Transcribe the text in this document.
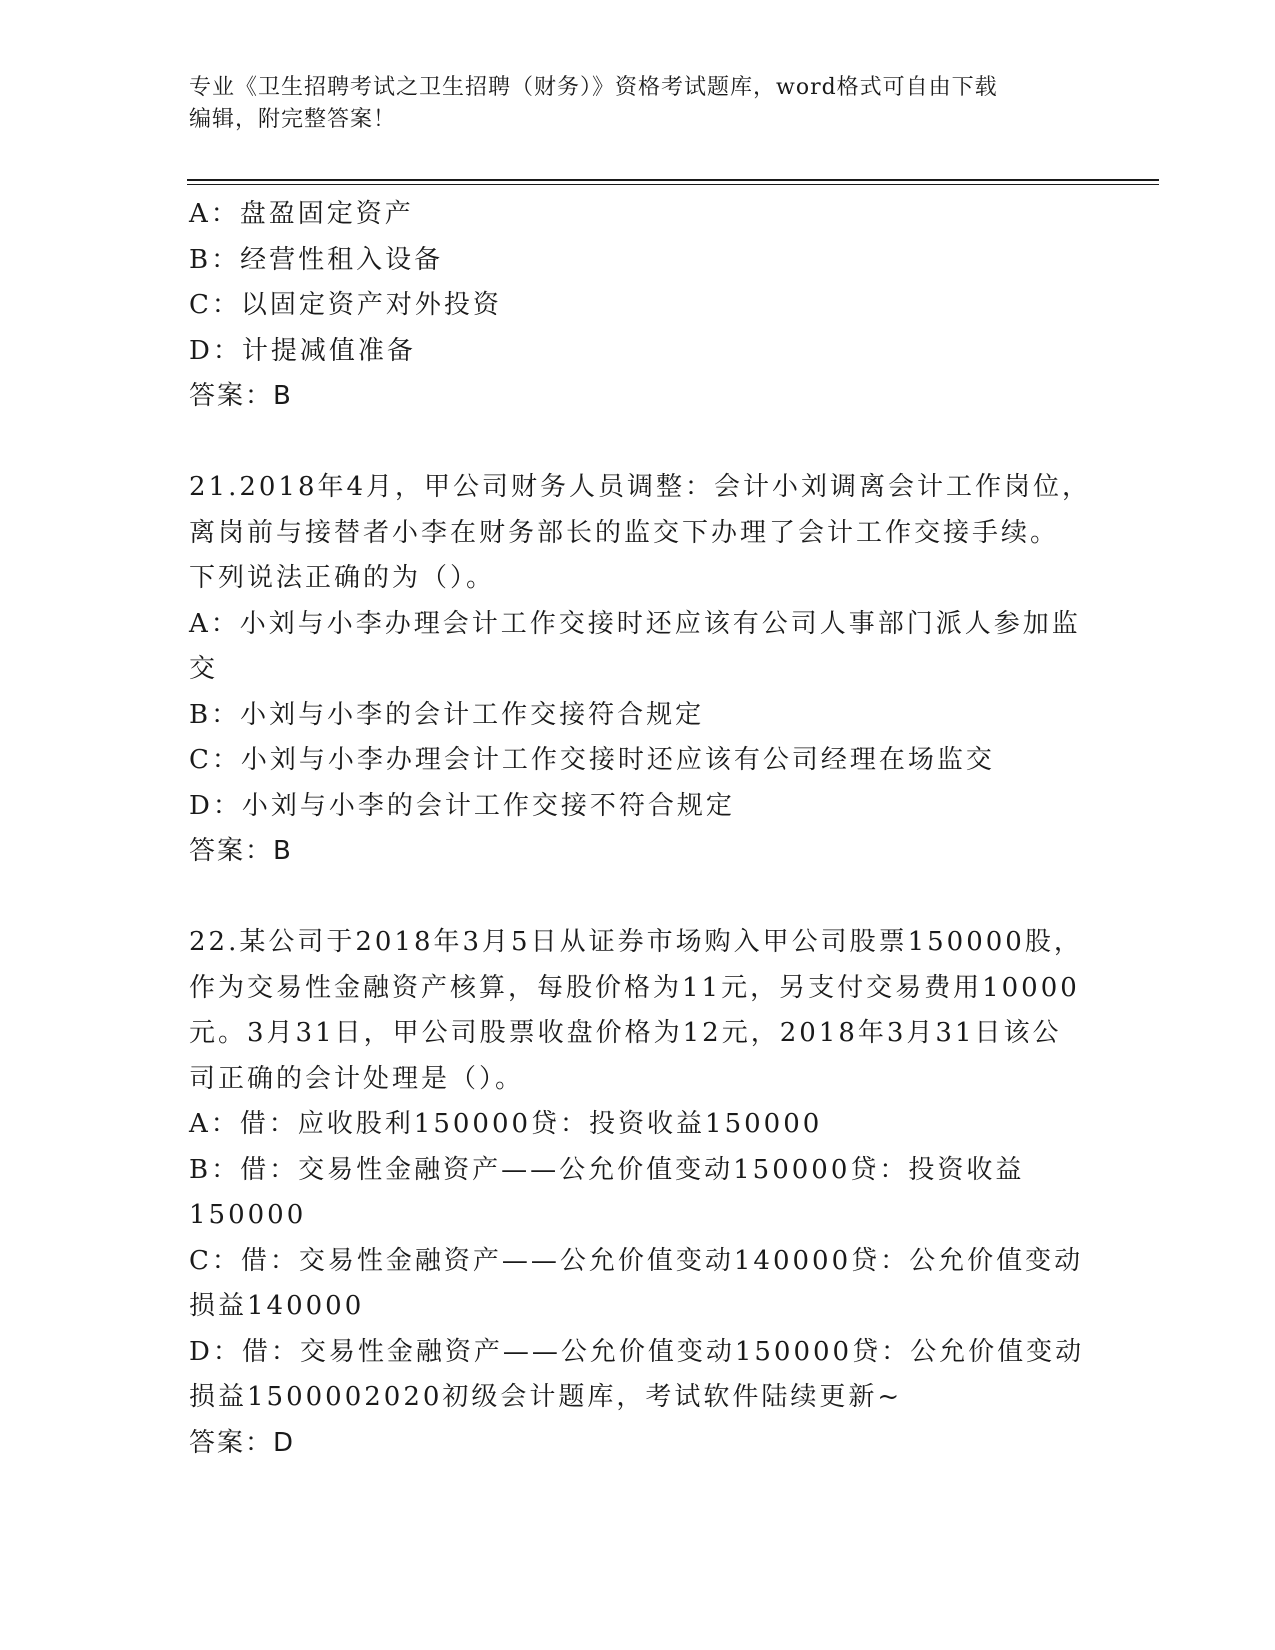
专业《卫生招聘考试之卫生招聘（财务）》资格考试题库，word格式可自由下载
编辑，附完整答案！
A：盘盈固定资产
B：经营性租入设备
C：以固定资产对外投资
D：计提减值准备
答案：B
21.2018年4月，甲公司财务人员调整：会计小刘调离会计工作岗位，
离岗前与接替者小李在财务部长的监交下办理了会计工作交接手续。
下列说法正确的为（）。
A：小刘与小李办理会计工作交接时还应该有公司人事部门派人参加监
交
B：小刘与小李的会计工作交接符合规定
C：小刘与小李办理会计工作交接时还应该有公司经理在场监交
D：小刘与小李的会计工作交接不符合规定
答案：B
22.某公司于2018年3月5日从证券市场购入甲公司股票150000股，
作为交易性金融资产核算，每股价格为11元，另支付交易费用10000
元。3月31日，甲公司股票收盘价格为12元，2018年3月31日该公
司正确的会计处理是（）。
A：借：应收股利150000贷：投资收益150000
B：借：交易性金融资产——公允价值变动150000贷：投资收益
150000
C：借：交易性金融资产——公允价值变动140000贷：公允价值变动
损益140000
D：借：交易性金融资产——公允价值变动150000贷：公允价值变动
损益1500002020初级会计题库，考试软件陆续更新~
答案：D
